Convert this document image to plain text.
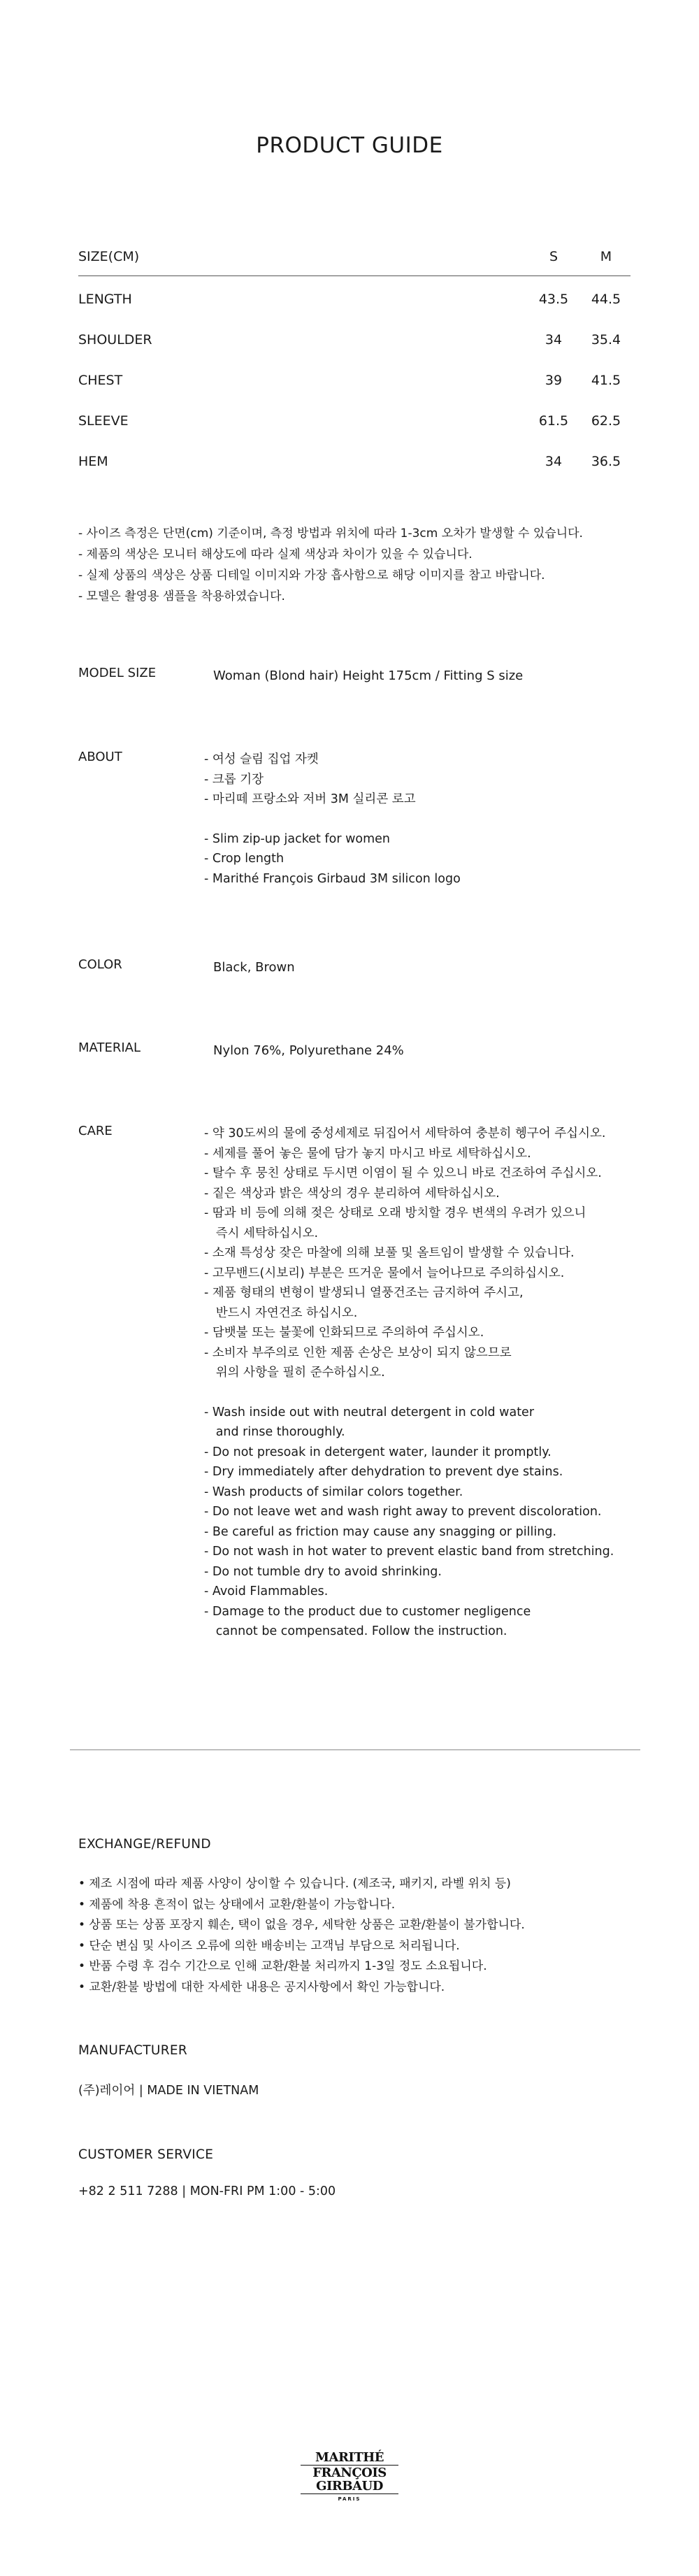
PRODUCT GUIDE
SIZE(CM)	S	M
LENGTH	43.5	44.5
SHOULDER	34	35.4
CHEST	39	41.5
SLEEVE	61.5	62.5
HEM	34	36.5
- 사이즈 측정은 단면(cm) 기준이며, 측정 방법과 위치에 따라 1-3cm 오차가 발생할 수 있습니다.
- 제품의 색상은 모니터 해상도에 따라 실제 색상과 차이가 있을 수 있습니다.
- 실제 상품의 색상은 상품 디테일 이미지와 가장 흡사함으로 해당 이미지를 참고 바랍니다.
- 모델은 촬영용 샘플을 착용하였습니다.
MODEL SIZE	Woman (Blond hair) Height 175cm / Fitting S size
ABOUT	- 여성 슬림 집업 자켓
- 크롭 기장
- 마리떼 프랑소와 저버 3M 실리콘 로고
- Slim zip-up jacket for women
- Crop length
- Marithé François Girbaud 3M silicon logo
COLOR	Black, Brown
MATERIAL	Nylon 76%, Polyurethane 24%
CARE	- 약 30도씨의 물에 중성세제로 뒤집어서 세탁하여 충분히 헹구어 주십시오.
- 세제를 풀어 놓은 물에 담가 놓지 마시고 바로 세탁하십시오.
- 탈수 후 뭉친 상태로 두시면 이염이 될 수 있으니 바로 건조하여 주십시오.
- 짙은 색상과 밝은 색상의 경우 분리하여 세탁하십시오.
- 땀과 비 등에 의해 젖은 상태로 오래 방치할 경우 변색의 우려가 있으니
즉시 세탁하십시오.
- 소재 특성상 잦은 마찰에 의해 보풀 및 올트임이 발생할 수 있습니다.
- 고무밴드(시보리) 부분은 뜨거운 물에서 늘어나므로 주의하십시오.
- 제품 형태의 변형이 발생되니 열풍건조는 금지하여 주시고,
반드시 자연건조 하십시오.
- 담뱃불 또는 불꽃에 인화되므로 주의하여 주십시오.
- 소비자 부주의로 인한 제품 손상은 보상이 되지 않으므로
위의 사항을 필히 준수하십시오.
- Wash inside out with neutral detergent in cold water
and rinse thoroughly.
- Do not presoak in detergent water, launder it promptly.
- Dry immediately after dehydration to prevent dye stains.
- Wash products of similar colors together.
- Do not leave wet and wash right away to prevent discoloration.
- Be careful as friction may cause any snagging or pilling.
- Do not wash in hot water to prevent elastic band from stretching.
- Do not tumble dry to avoid shrinking.
- Avoid Flammables.
- Damage to the product due to customer negligence
cannot be compensated. Follow the instruction.
EXCHANGE/REFUND
• 제조 시점에 따라 제품 사양이 상이할 수 있습니다. (제조국, 패키지, 라벨 위치 등)
• 제품에 착용 흔적이 없는 상태에서 교환/환불이 가능합니다.
• 상품 또는 상품 포장지 훼손, 택이 없을 경우, 세탁한 상품은 교환/환불이 불가합니다.
• 단순 변심 및 사이즈 오류에 의한 배송비는 고객님 부담으로 처리됩니다.
• 반품 수령 후 검수 기간으로 인해 교환/환불 처리까지 1-3일 정도 소요됩니다.
• 교환/환불 방법에 대한 자세한 내용은 공지사항에서 확인 가능합니다.
MANUFACTURER
(주)레이어 | MADE IN VIETNAM
CUSTOMER SERVICE
+82 2 511 7288 | MON-FRI PM 1:00 - 5:00
MARITHÉ
FRANÇOIS
GIRBAUD
PARIS
